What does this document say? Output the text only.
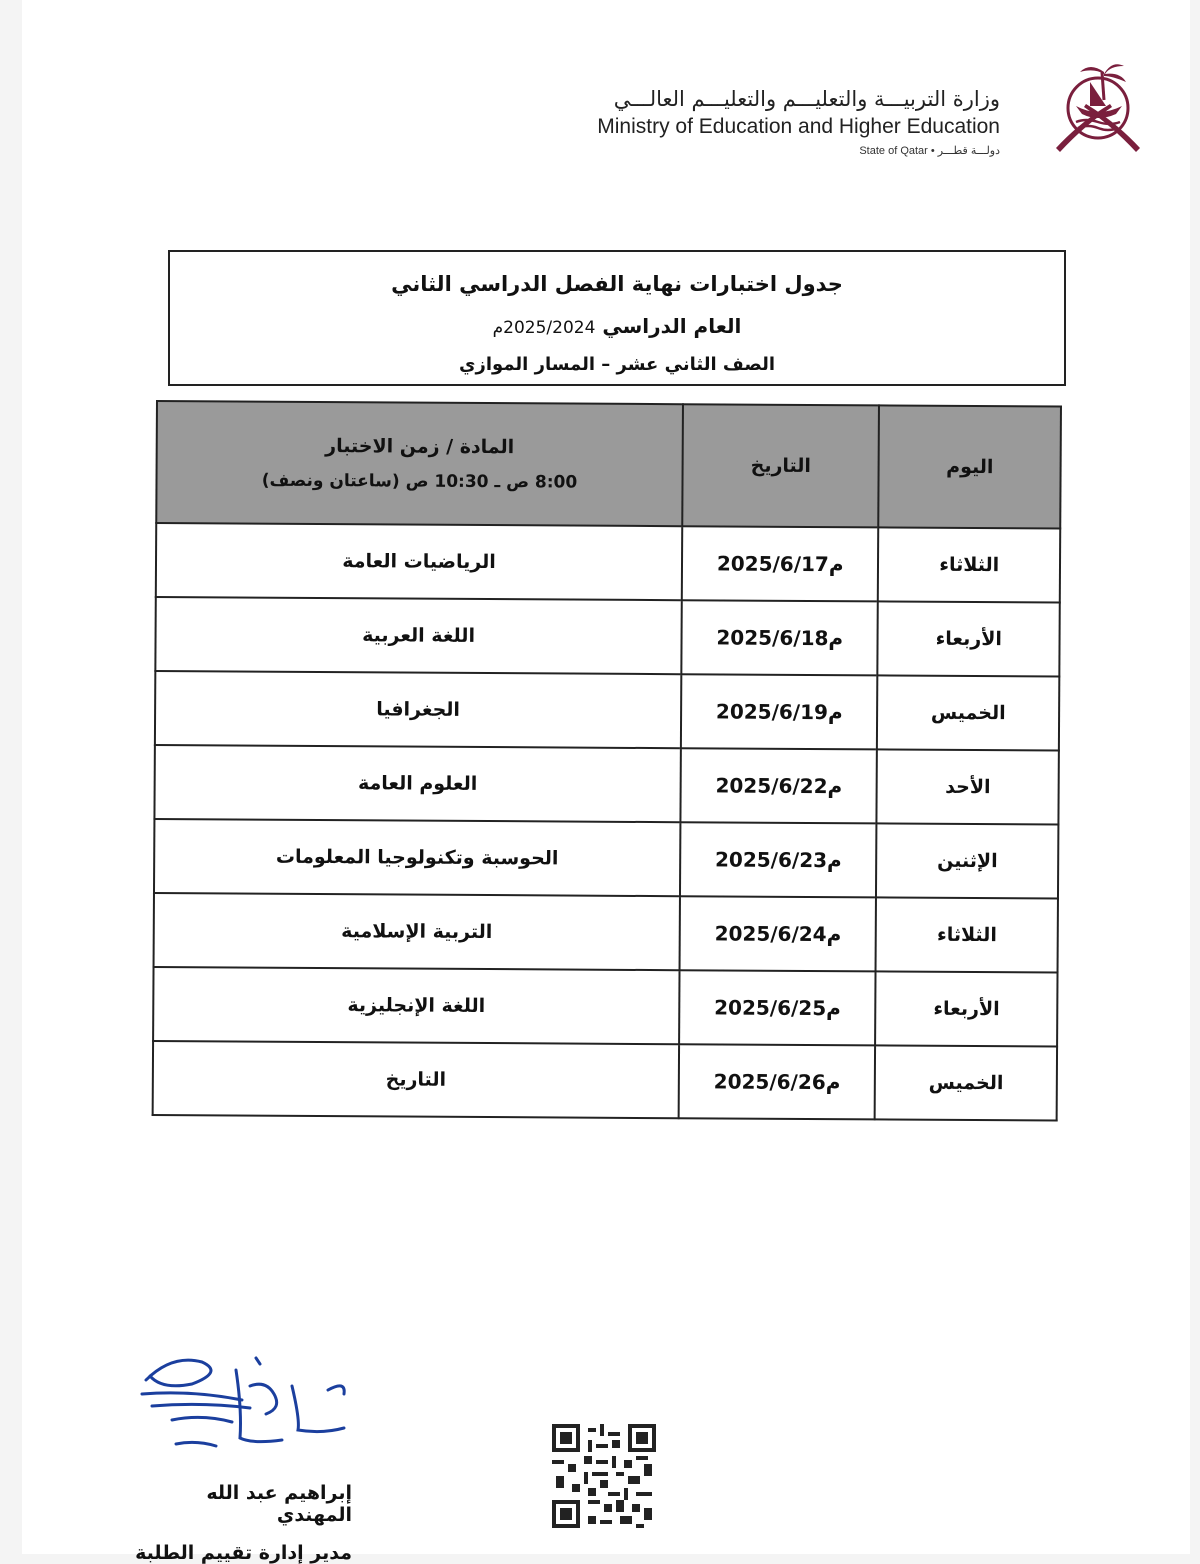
وزارة التربيـــة والتعليـــم والتعليـــم العالـــي
Ministry of Education and Higher Education
State of Qatar • دولـــة قطـــر
جدول اختبارات نهاية الفصل الدراسي الثاني
العام الدراسي 2025/2024م
الصف الثاني عشر – المسار الموازي
اليوم	التاريخ	المادة / زمن الاختبار
8:00 ص ـ 10:30 ص (ساعتان ونصف)

الثلاثاء	2025/6/17م	الرياضيات العامة
الأربعاء	2025/6/18م	اللغة العربية
الخميس	2025/6/19م	الجغرافيا
الأحد	2025/6/22م	العلوم العامة
الإثنين	2025/6/23م	الحوسبة وتكنولوجيا المعلومات
الثلاثاء	2025/6/24م	التربية الإسلامية
الأربعاء	2025/6/25م	اللغة الإنجليزية
الخميس	2025/6/26م	التاريخ
إبراهيم عبد الله المهندي
مدير إدارة تقييم الطلبة
